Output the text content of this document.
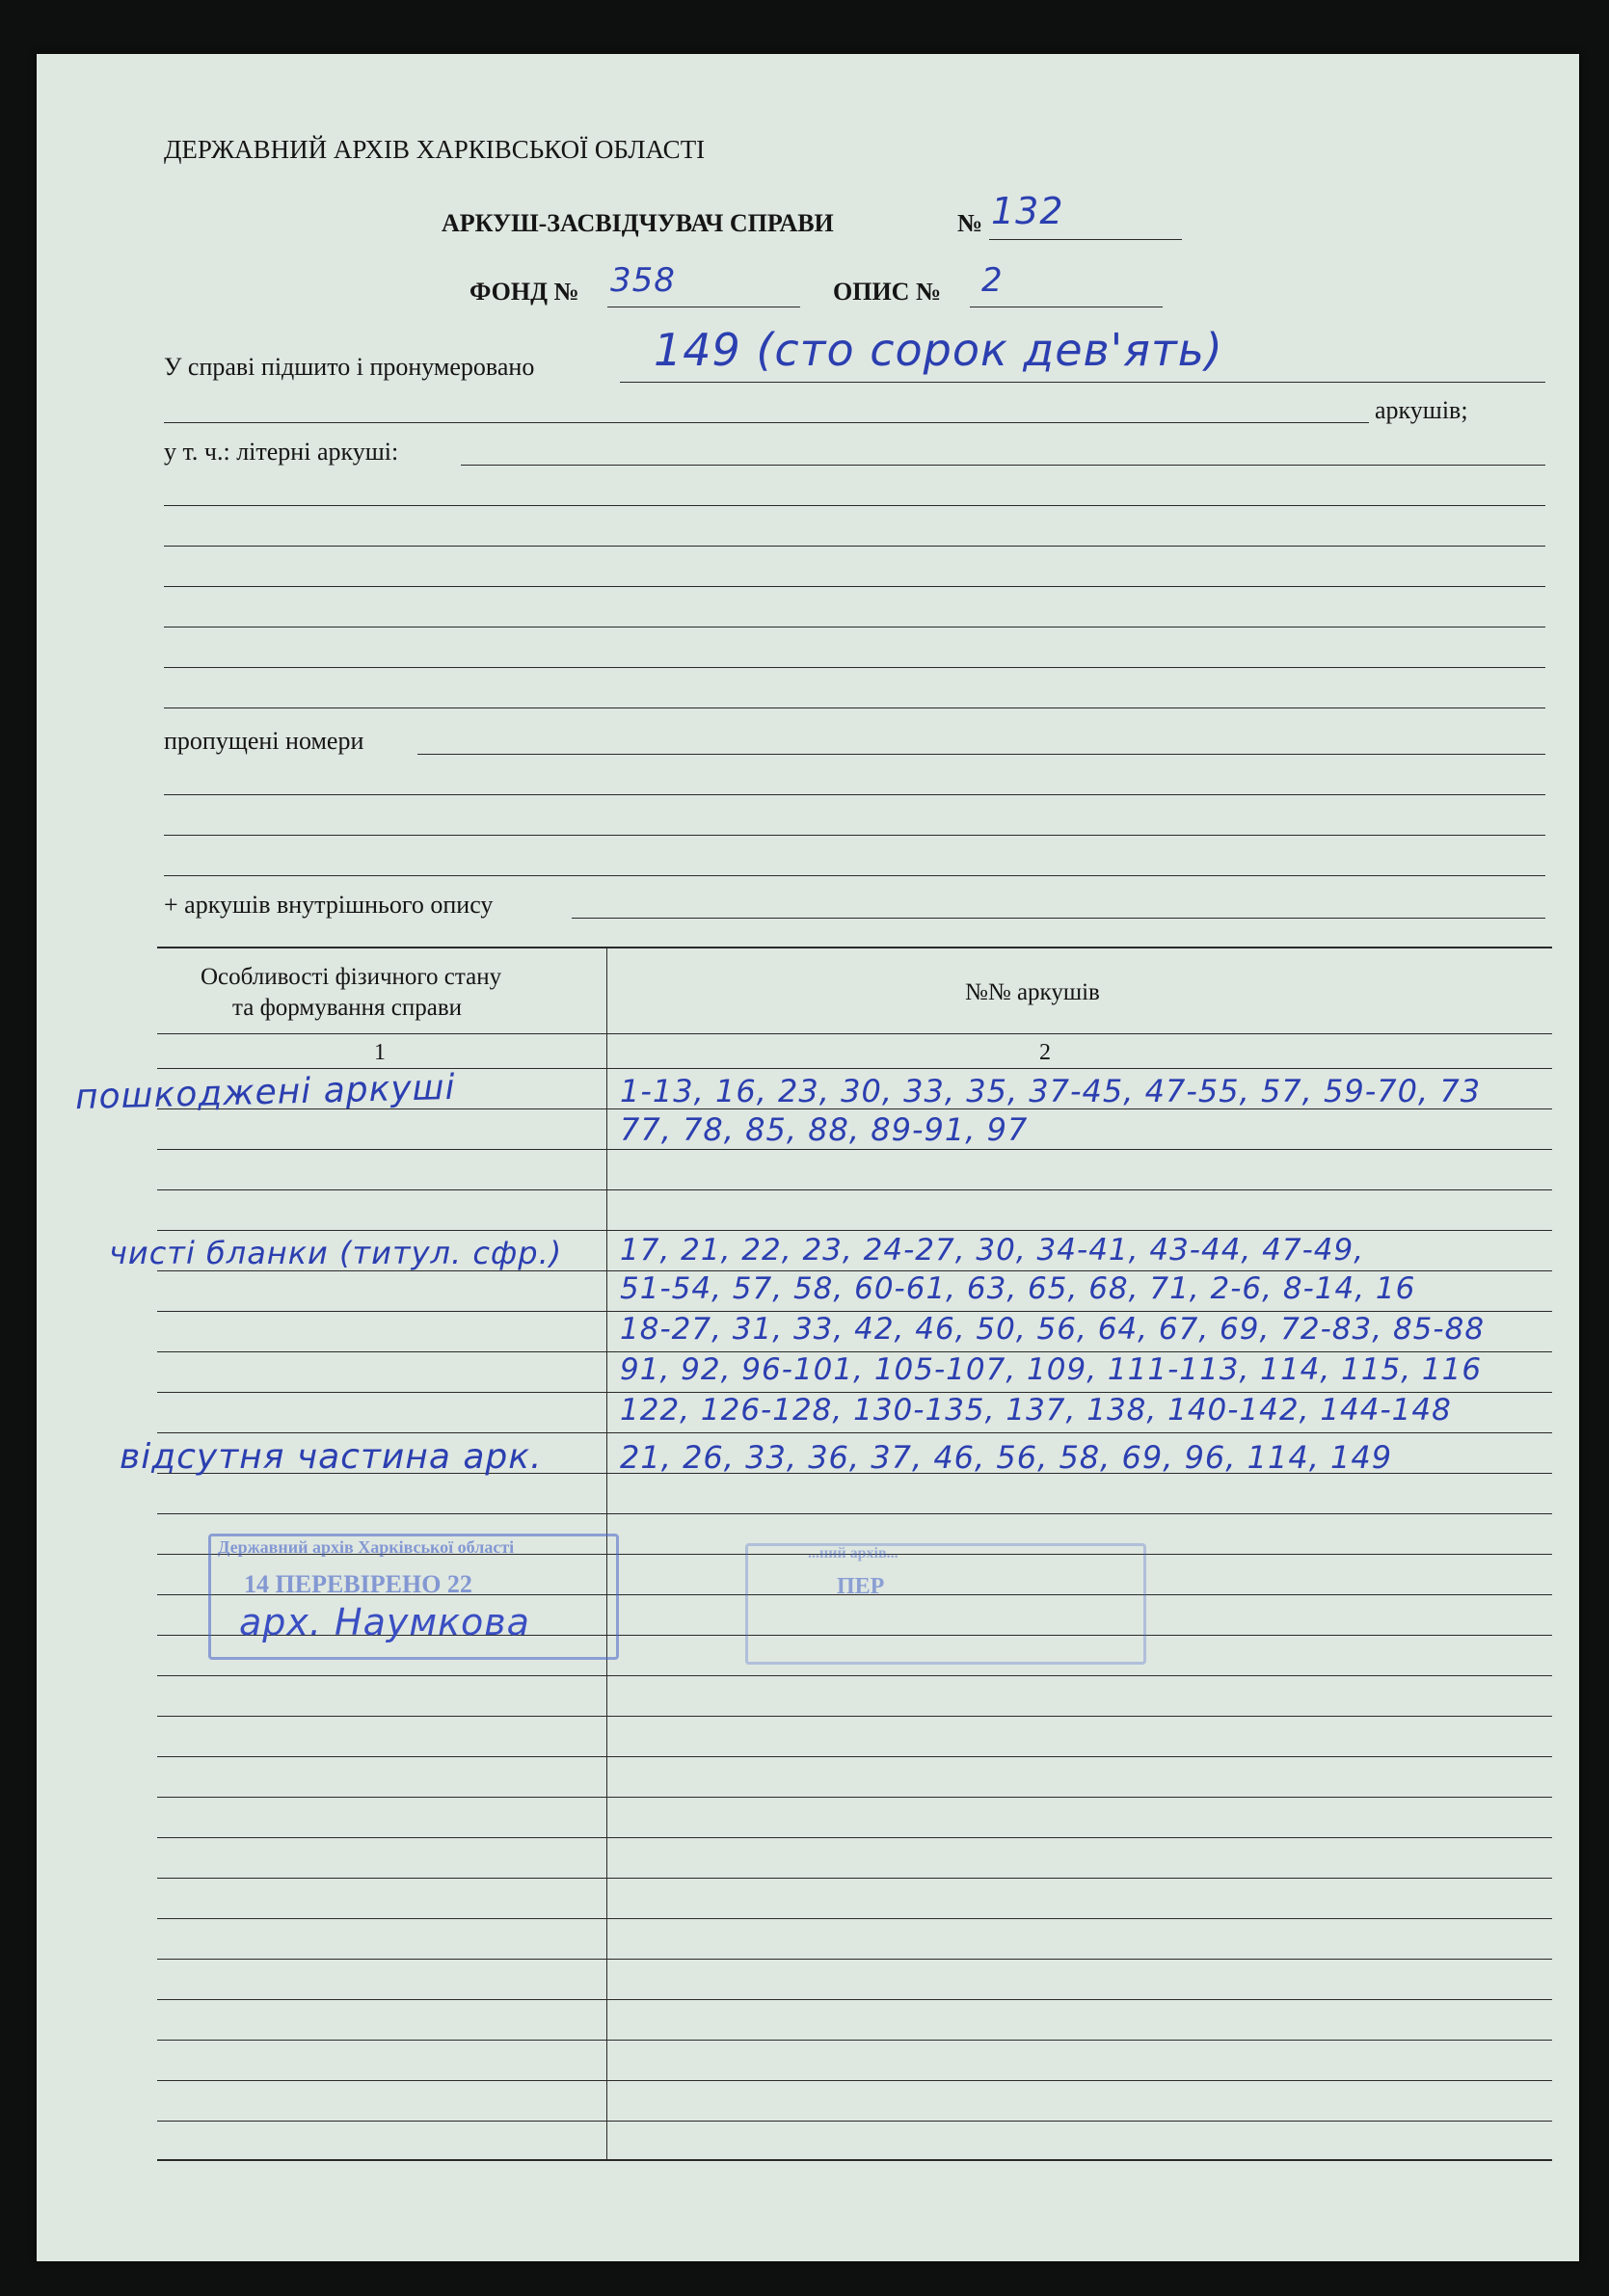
ДЕРЖАВНИЙ АРХІВ ХАРКІВСЬКОЇ ОБЛАСТІ
АРКУШ-ЗАСВІДЧУВАЧ СПРАВИ	№ 132
ФОНД № 358	ОПИС № 2
У справі підшито і пронумеровано	149 (сто сорок дев'ять)
аркушів;
у т. ч.: літерні аркуші:
пропущені номери
+ аркушів внутрішнього опису
Особливості фізичного стану
та формування справи
№№ аркушів
1	2
пошкоджені аркуші	1-13, 16, 23, 30, 33, 35, 37-45, 47-55, 57, 59-70, 73
77, 78, 85, 88, 89-91, 97
чисті бланки (титул. сфр.) 17, 21, 22, 23, 24-27, 30, 34-41, 43-44, 47-49,
51-54, 57, 58, 60-61, 63, 65, 68, 71, 2-6, 8-14, 16
18-27, 31, 33, 42, 46, 50, 56, 64, 67, 69, 72-83, 85-88
91, 92, 96-101, 105-107, 109, 111-113, 114, 115, 116
122, 126-128, 130-135, 137, 138, 140-142, 144-148
відсутня частина арк.	21, 26, 33, 36, 37, 46, 56, 58, 69, 96, 114, 149
Державний архів Харківської області
14 ПЕРЕВІРЕНО 22
арх. Наумкова
...ний архів...
ПЕР
